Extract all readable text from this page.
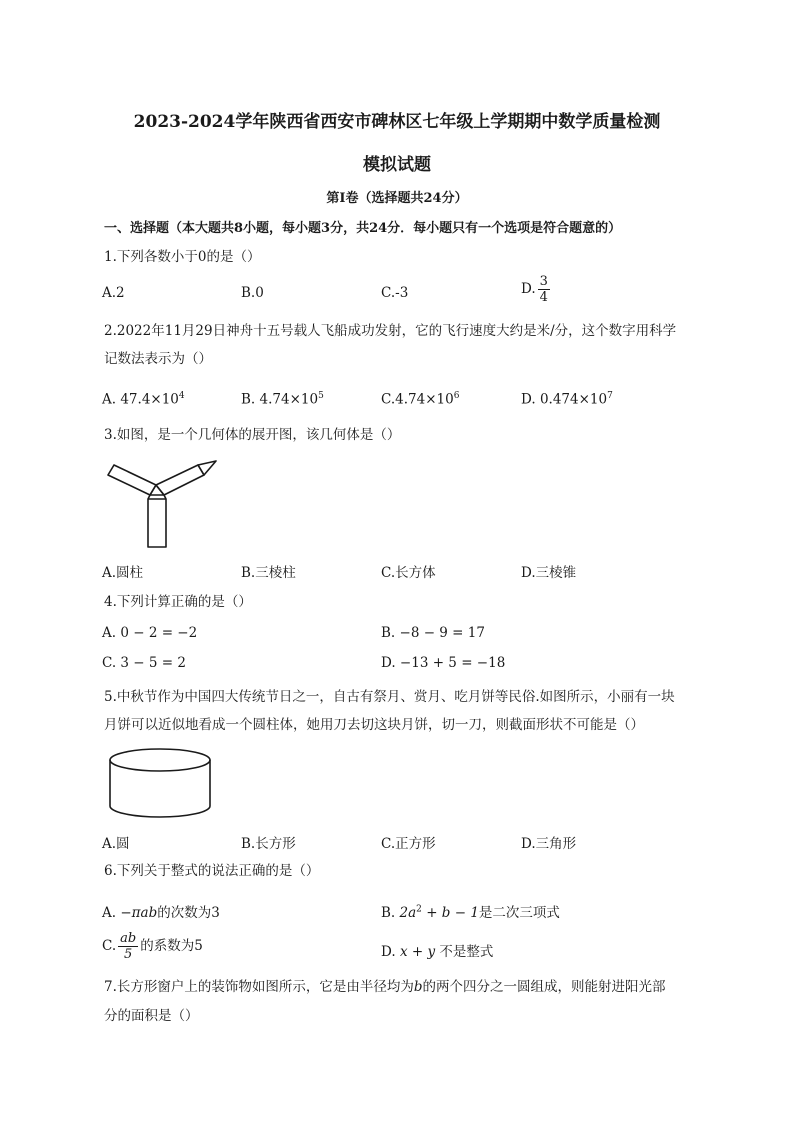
2023-2024学年陕西省西安市碑林区七年级上学期期中数学质量检测
模拟试题
第Ⅰ卷（选择题共24分）
一、选择题（本大题共8小题，每小题3分，共24分．每小题只有一个选项是符合题意的）
1.下列各数小于0的是（）
A.2	B.0	C.-3	D. $\frac{3}{4}$
2.2022年11月29日神舟十五号载人飞船成功发射，它的飞行速度大约是米/分，这个数字用科学
记数法表示为（）
A. $47.4\times 10^4$	B. $4.74\times 10^5$	$C.4.74\times 10^6$	D. $0.474\times 10^7$
3.如图，是一个几何体的展开图，该几何体是（）
A.圆柱	B.三棱柱	C.长方体	D.三棱锥
4.下列计算正确的是（）
A. 0 − 2 = −2	B. −8 − 9 = 17
C. 3 − 5 = 2	D. −13 + 5 = −18
5.中秋节作为中国四大传统节日之一，自古有祭月、赏月、吃月饼等民俗.如图所示，小丽有一块
月饼可以近似地看成一个圆柱体，她用刀去切这块月饼，切一刀，则截面形状不可能是（）
A.圆	B.长方形	C.正方形	D.三角形
6.下列关于整式的说法正确的是（）
A. −πab的次数为3	B. $2a^2 + b - 1$是二次三项式
C. $\frac{ab}{5}$ 的系数为5	D. x + y 不是整式
7.长方形窗户上的装饰物如图所示，它是由半径均为b的两个四分之一圆组成，则能射进阳光部
分的面积是（）
